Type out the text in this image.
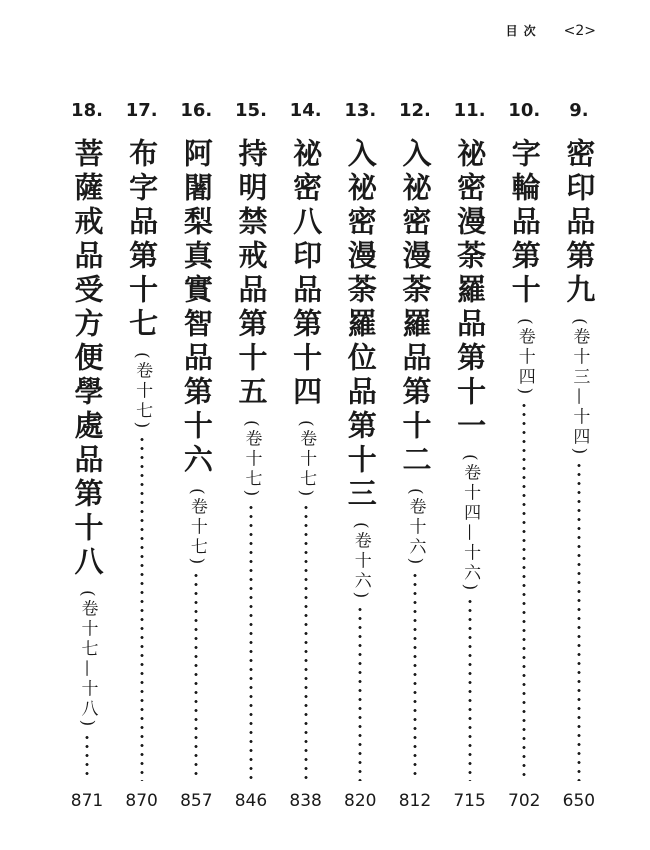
目次 <2>
9.
密印品第九
(卷十三—十四)
650
10.
字輪品第十
(卷十四)
702
11.
祕密漫荼羅品第十一
(卷十四—十六)
715
12.
入祕密漫荼羅品第十二
(卷十六)
812
13.
入祕密漫荼羅位品第十三
(卷十六)
820
14.
祕密八印品第十四
(卷十七)
838
15.
持明禁戒品第十五
(卷十七)
846
16.
阿闍梨真實智品第十六
(卷十七)
857
17.
布字品第十七
(卷十七)
870
18.
菩薩戒品受方便學處品第十八
(卷十七—十八)
871
